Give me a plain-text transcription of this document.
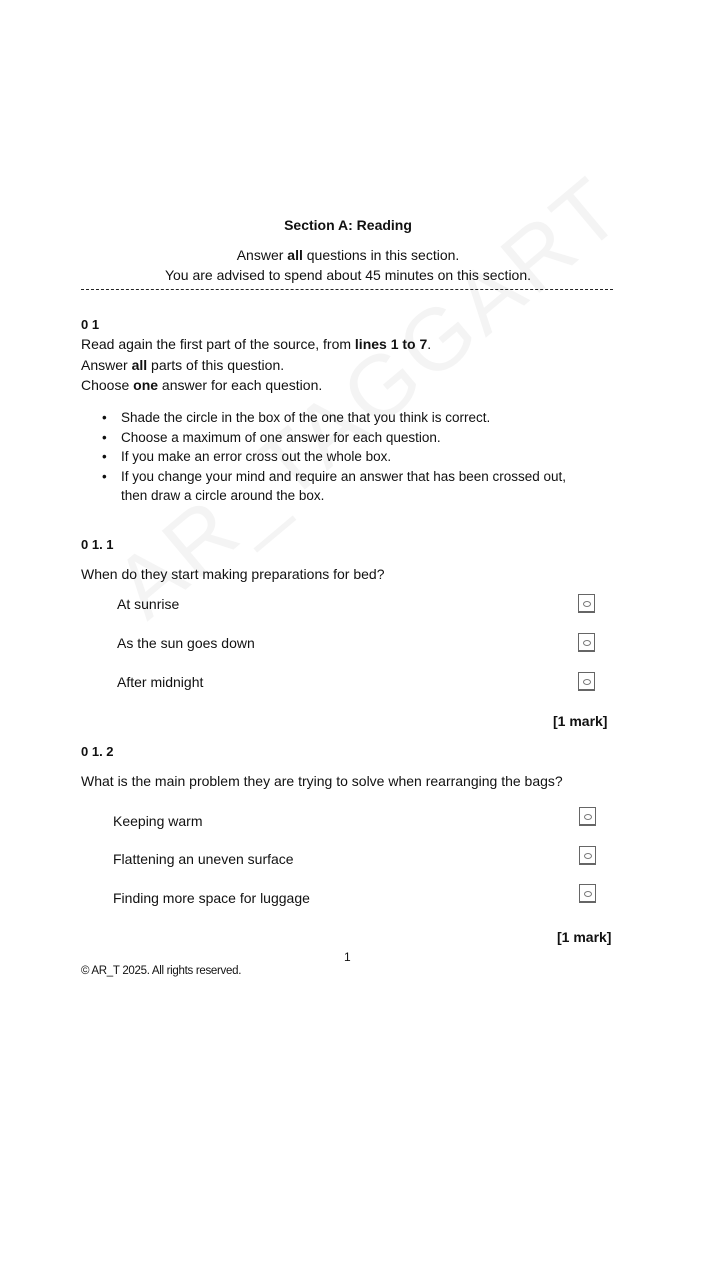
Section A: Reading
Answer all questions in this section.
You are advised to spend about 45 minutes on this section.
0 1
Read again the first part of the source, from lines 1 to 7.
Answer all parts of this question.
Choose one answer for each question.
• Shade the circle in the box of the one that you think is correct.
• Choose a maximum of one answer for each question.
• If you make an error cross out the whole box.
• If you change your mind and require an answer that has been crossed out,
then draw a circle around the box.
0 1. 1
When do they start making preparations for bed?
At sunrise
As the sun goes down
After midnight
[1 mark]
0 1. 2
What is the main problem they are trying to solve when rearranging the bags?
Keeping warm
Flattening an uneven surface
Finding more space for luggage
[1 mark]
1
© AR_T 2025. All rights reserved.
